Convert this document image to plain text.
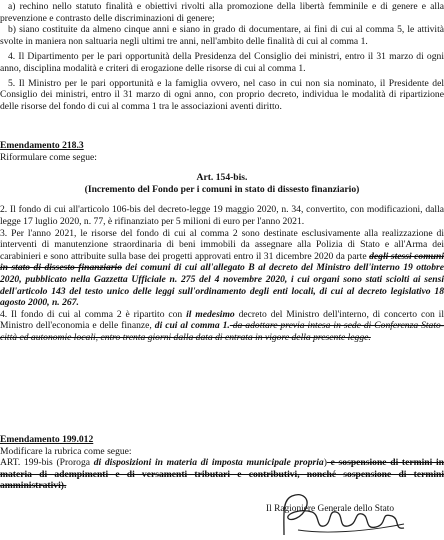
a) rechino nello statuto finalità e obiettivi rivolti alla promozione della libertà femminile e di genere e alla prevenzione e contrasto delle discriminazioni di genere;

b) siano costituite da almeno cinque anni e siano in grado di documentare, ai fini di cui al comma 5, le attività svolte in maniera non saltuaria negli ultimi tre anni, nell'ambito delle finalità di cui al comma 1.

4. Il Dipartimento per le pari opportunità della Presidenza del Consiglio dei ministri, entro il 31 marzo di ogni anno, disciplina modalità e criteri di erogazione delle risorse di cui al comma 1.

5. Il Ministro per le pari opportunità e la famiglia ovvero, nel caso in cui non sia nominato, il Presidente del Consiglio dei ministri, entro il 31 marzo di ogni anno, con proprio decreto, individua le modalità di ripartizione delle risorse del fondo di cui al comma 1 tra le associazioni aventi diritto.

Emendamento 218.3

Riformulare come segue:

Art. 154-bis.

(Incremento del Fondo per i comuni in stato di dissesto finanziario)

2. Il fondo di cui all'articolo 106-bis del decreto-legge 19 maggio 2020, n. 34, convertito, con modificazioni, dalla legge 17 luglio 2020, n. 77, è rifinanziato per 5 milioni di euro per l'anno 2021.

3. Per l'anno 2021, le risorse del fondo di cui al comma 2 sono destinate esclusivamente alla realizzazione di interventi di manutenzione straordinaria di beni immobili da assegnare alla Polizia di Stato e all'Arma dei carabinieri e sono attribuite sulla base dei progetti approvati entro il 31 dicembre 2020 da parte degli stessi comuni in stato di dissesto finanziario dei comuni di cui all'allegato B al decreto del Ministro dell'interno 19 ottobre 2020, pubblicato nella Gazzetta Ufficiale n. 275 del 4 novembre 2020, i cui organi sono stati sciolti ai sensi dell'articolo 143 del testo unico delle leggi sull'ordinamento degli enti locali, di cui al decreto legislativo 18 agosto 2000, n. 267.

4. Il fondo di cui al comma 2 è ripartito con il medesimo decreto del Ministro dell'interno, di concerto con il Ministro dell'economia e delle finanze, di cui al comma 1. da adottare previa intesa in sede di Conferenza Stato-città ed autonomie locali, entro trenta giorni dalla data di entrata in vigore della presente legge.

Emendamento 199.012

Modificare la rubrica come segue:

ART. 199-bis (Proroga di disposizioni in materia di imposta municipale propria) e sospensione di termini in materia di adempimenti e di versamenti tributari e contributivi, nonché sospensione di termini amministrativi).

Il Ragioniere Generale dello Stato
